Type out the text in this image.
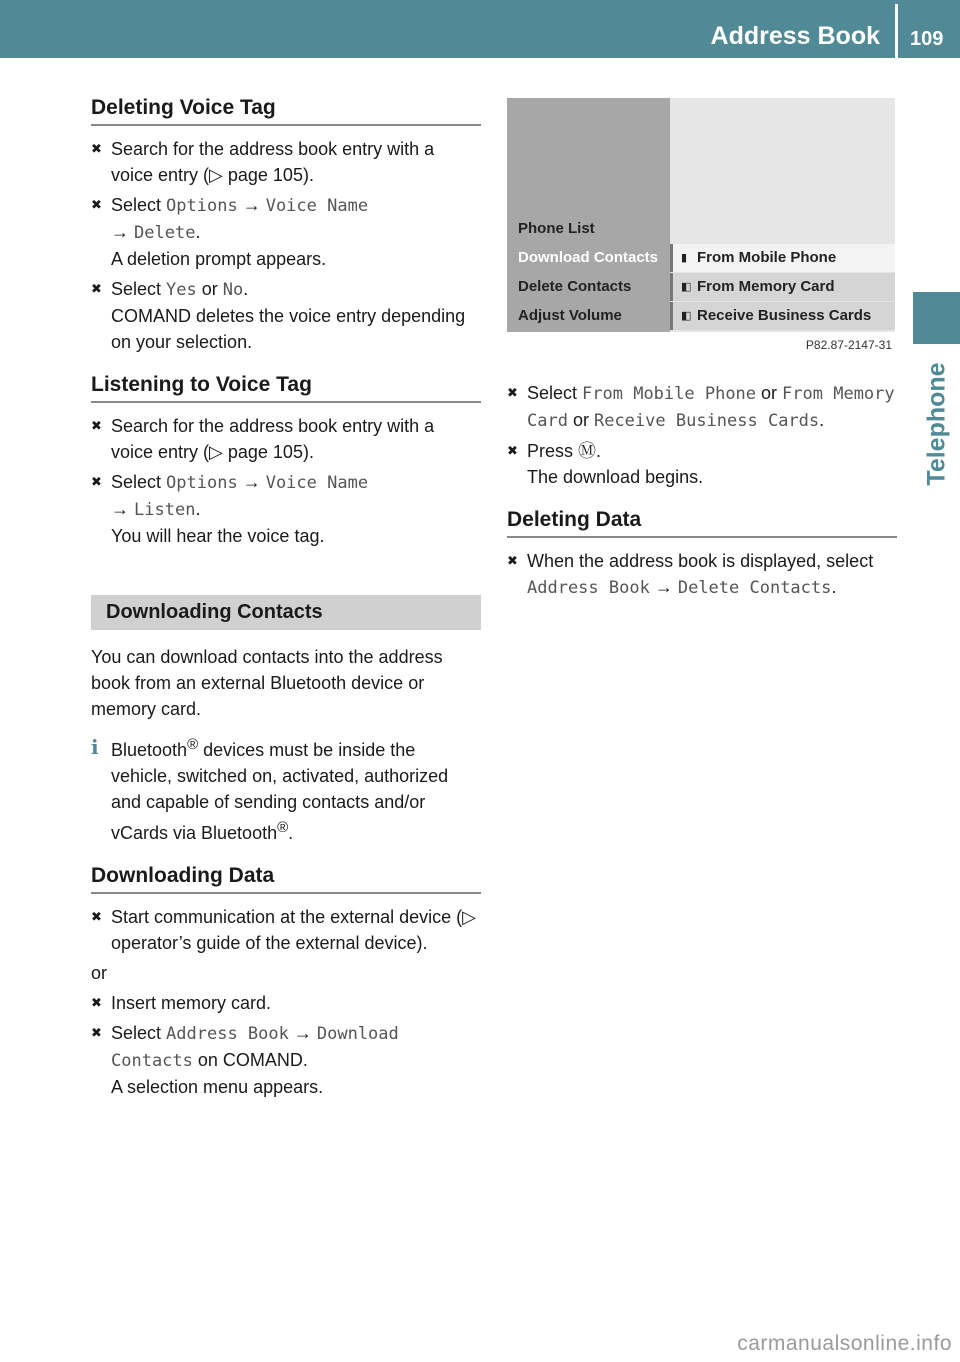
Address Book 109
Telephone
Deleting Voice Tag
✖ Search for the address book entry with a voice entry (▷ page 105).
✖ Select Options → Voice Name
→ Delete.
A deletion prompt appears.
✖ Select Yes or No.
COMAND deletes the voice entry depending on your selection.
Listening to Voice Tag
✖ Search for the address book entry with a voice entry (▷ page 105).
✖ Select Options → Voice Name
→ Listen.
You will hear the voice tag.
Downloading Contacts

You can download contacts into the address book from an external Bluetooth device or memory card.

i Bluetooth® devices must be inside the vehicle, switched on, activated, authorized and capable of sending contacts and/or vCards via Bluetooth®.
Downloading Data
✖ Start communication at the external device (▷ operator’s guide of the external device).

or

✖ Insert memory card.
✖ Select Address Book → Download Contacts on COMAND.
A selection menu appears.
Phone List
Download Contacts
Delete Contacts
Adjust Volume
▮ From Mobile Phone
◧ From Memory Card
◧ Receive Business Cards
P82.87-2147-31
✖ Select From Mobile Phone or From Memory Card or Receive Business Cards.
✖ Press Ⓜ.
The download begins.
Deleting Data
✖ When the address book is displayed, select Address Book → Delete Contacts.
carmanualsonline.info
